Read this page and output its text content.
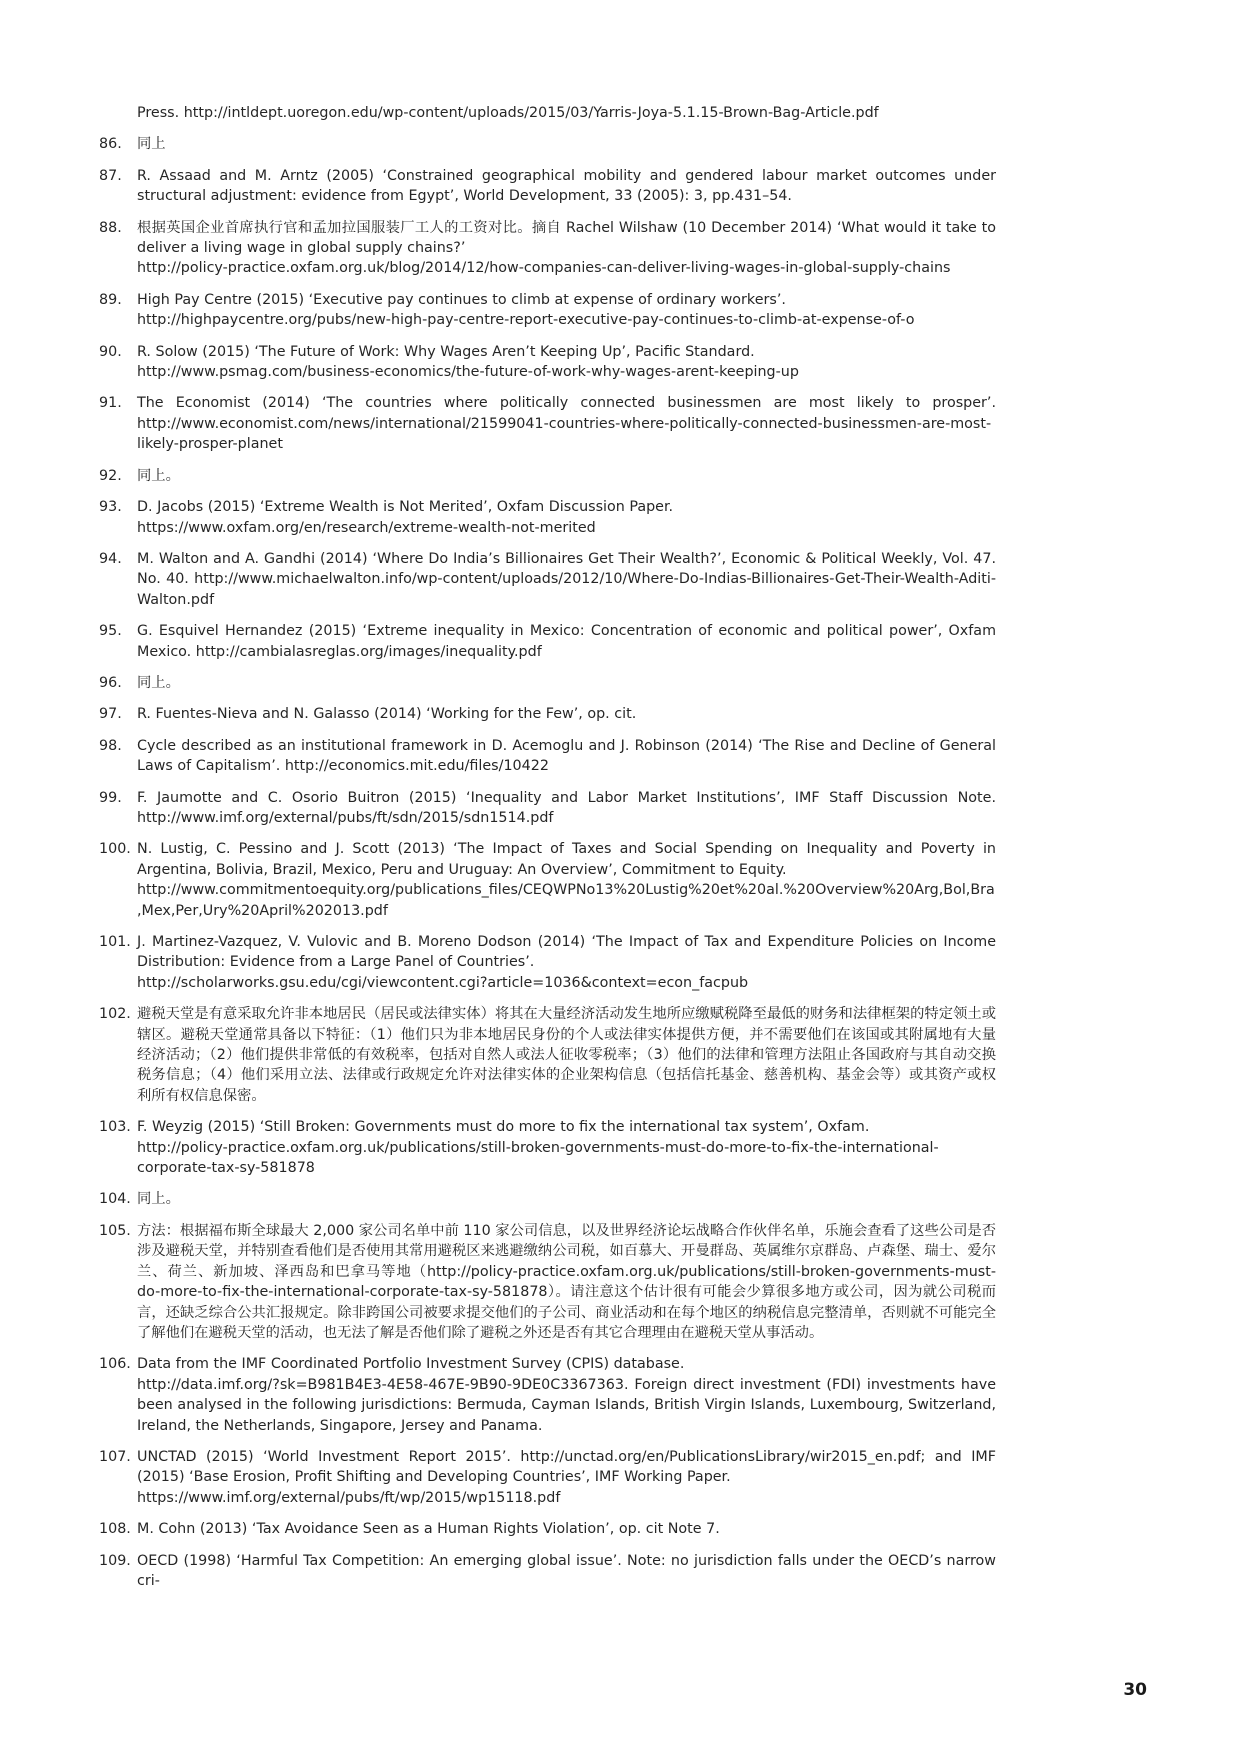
Press. http://intldept.uoregon.edu/wp-content/uploads/2015/03/Yarris-Joya-5.1.15-Brown-Bag-Article.pdf
86.	同上
87.	R. Assaad and M. Arntz (2005) ‘Constrained geographical mobility and gendered labour market outcomes under structural adjustment: evidence from Egypt’, World Development, 33 (2005): 3, pp.431–54.
88.	根据英国企业首席执行官和孟加拉国服装厂工人的工资对比。摘自 Rachel Wilshaw (10 December 2014) ‘What would it take to deliver a living wage in global supply chains?’
http://policy-practice.oxfam.org.uk/blog/2014/12/how-companies-can-deliver-living-wages-in-global-supply-chains
89.	High Pay Centre (2015) ‘Executive pay continues to climb at expense of ordinary workers’.
http://highpaycentre.org/pubs/new-high-pay-centre-report-executive-pay-continues-to-climb-at-expense-of-o
90.	R. Solow (2015) ‘The Future of Work: Why Wages Aren’t Keeping Up’, Pacific Standard.
http://www.psmag.com/business-economics/the-future-of-work-why-wages-arent-keeping-up
91.	The Economist (2014) ‘The countries where politically connected businessmen are most likely to prosper’. http://www.economist.com/news/international/21599041-countries-where-politically-connected-businessmen-are-most-likely-prosper-planet
92.	同上。
93.	D. Jacobs (2015) ‘Extreme Wealth is Not Merited’, Oxfam Discussion Paper.
https://www.oxfam.org/en/research/extreme-wealth-not-merited
94.	M. Walton and A. Gandhi (2014) ‘Where Do India’s Billionaires Get Their Wealth?’, Economic & Political Weekly, Vol. 47. No. 40. http://www.michaelwalton.info/wp-content/uploads/2012/10/Where-Do-Indias-Billionaires-Get-Their-Wealth-Aditi-Walton.pdf
95.	G. Esquivel Hernandez (2015) ‘Extreme inequality in Mexico: Concentration of economic and political power’, Oxfam Mexico. http://cambialasreglas.org/images/inequality.pdf
96.	同上。
97.	R. Fuentes-Nieva and N. Galasso (2014) ‘Working for the Few’, op. cit.
98.	Cycle described as an institutional framework in D. Acemoglu and J. Robinson (2014) ‘The Rise and Decline of General Laws of Capitalism’. http://economics.mit.edu/files/10422
99.	F. Jaumotte and C. Osorio Buitron (2015) ‘Inequality and Labor Market Institutions’, IMF Staff Discussion Note. http://www.imf.org/external/pubs/ft/sdn/2015/sdn1514.pdf
100. N. Lustig, C. Pessino and J. Scott (2013) ‘The Impact of Taxes and Social Spending on Inequality and Poverty in Argentina, Bolivia, Brazil, Mexico, Peru and Uruguay: An Overview’, Commitment to Equity.
http://www.commitmentoequity.org/publications_files/CEQWPNo13%20Lustig%20et%20al.%20Overview%20Arg,Bol,Bra,Mex,Per,Ury%20April%202013.pdf
101. J. Martinez-Vazquez, V. Vulovic and B. Moreno Dodson (2014) ‘The Impact of Tax and Expenditure Policies on Income Distribution: Evidence from a Large Panel of Countries’.
http://scholarworks.gsu.edu/cgi/viewcontent.cgi?article=1036&context=econ_facpub
102. 避税天堂是有意采取允许非本地居民（居民或法律实体）将其在大量经济活动发生地所应缴赋税降至最低的财务和法律框架的特定领土或辖区。避税天堂通常具备以下特征：（1）他们只为非本地居民身份的个人或法律实体提供方便，并不需要他们在该国或其附属地有大量经济活动；（2）他们提供非常低的有效税率，包括对自然人或法人征收零税率；（3）他们的法律和管理方法阻止各国政府与其自动交换税务信息；（4）他们采用立法、法律或行政规定允许对法律实体的企业架构信息（包括信托基金、慈善机构、基金会等）或其资产或权利所有权信息保密。
103. F. Weyzig (2015) ‘Still Broken: Governments must do more to fix the international tax system’, Oxfam.
http://policy-practice.oxfam.org.uk/publications/still-broken-governments-must-do-more-to-fix-the-international-corporate-tax-sy-581878
104. 同上。
105. 方法：根据福布斯全球最大 2,000 家公司名单中前 110 家公司信息，以及世界经济论坛战略合作伙伴名单，乐施会查看了这些公司是否涉及避税天堂，并特别查看他们是否使用其常用避税区来逃避缴纳公司税，如百慕大、开曼群岛、英属维尔京群岛、卢森堡、瑞士、爱尔兰、荷兰、新加坡、泽西岛和巴拿马等地（http://policy-practice.oxfam.org.uk/publications/still-broken-governments-must-do-more-to-fix-the-international-corporate-tax-sy-581878）。请注意这个估计很有可能会少算很多地方或公司，因为就公司税而言，还缺乏综合公共汇报规定。除非跨国公司被要求提交他们的子公司、商业活动和在每个地区的纳税信息完整清单，否则就不可能完全了解他们在避税天堂的活动，也无法了解是否他们除了避税之外还是否有其它合理理由在避税天堂从事活动。
106. Data from the IMF Coordinated Portfolio Investment Survey (CPIS) database.
http://data.imf.org/?sk=B981B4E3-4E58-467E-9B90-9DE0C3367363. Foreign direct investment (FDI) investments have been analysed in the following jurisdictions: Bermuda, Cayman Islands, British Virgin Islands, Luxembourg, Switzerland, Ireland, the Netherlands, Singapore, Jersey and Panama.
107. UNCTAD (2015) ‘World Investment Report 2015’. http://unctad.org/en/PublicationsLibrary/wir2015_en.pdf; and IMF (2015) ‘Base Erosion, Profit Shifting and Developing Countries’, IMF Working Paper.
https://www.imf.org/external/pubs/ft/wp/2015/wp15118.pdf
108. M. Cohn (2013) ‘Tax Avoidance Seen as a Human Rights Violation’, op. cit Note 7.
109. OECD (1998) ‘Harmful Tax Competition: An emerging global issue’. Note: no jurisdiction falls under the OECD’s narrow cri-
30
